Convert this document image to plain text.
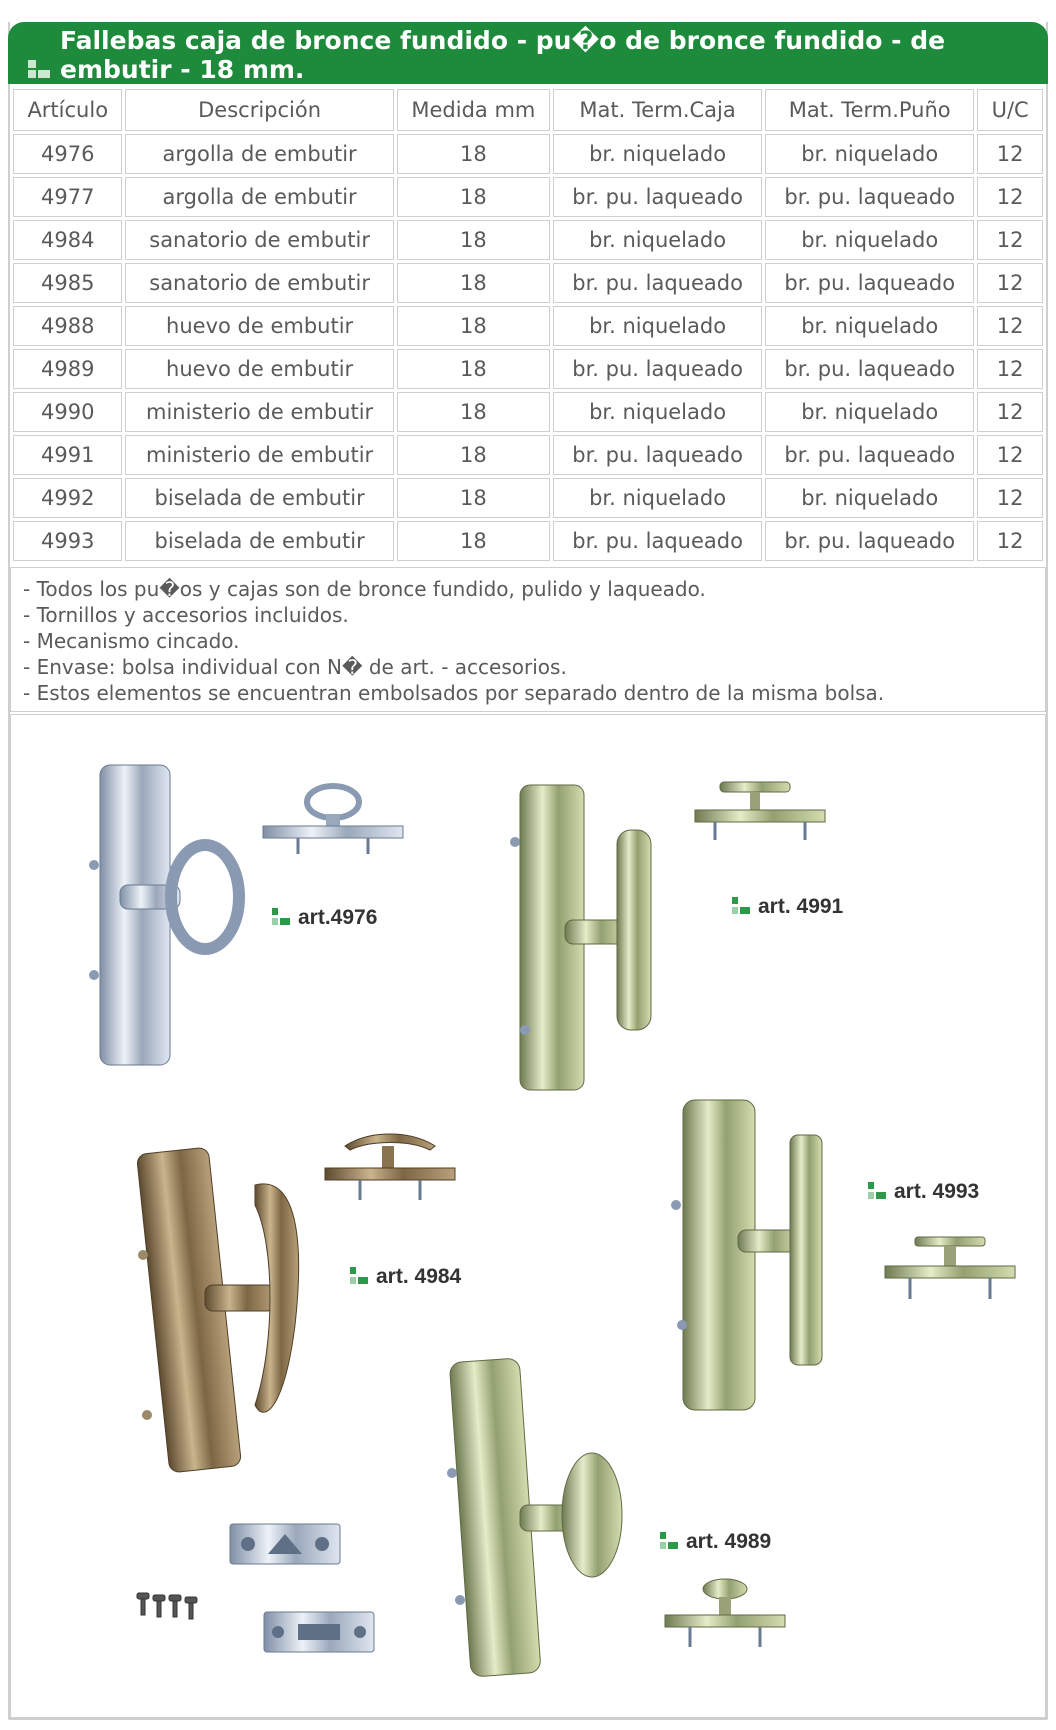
Fallebas caja de bronce fundido - pu�o de bronce fundido - de embutir - 18 mm.
Artículo	Descripción	Medida mm	Mat. Term.Caja	Mat. Term.Puño	U/C
4976	argolla de embutir	18	br. niquelado	br. niquelado	12
4977	argolla de embutir	18	br. pu. laqueado	br. pu. laqueado	12
4984	sanatorio de embutir	18	br. niquelado	br. niquelado	12
4985	sanatorio de embutir	18	br. pu. laqueado	br. pu. laqueado	12
4988	huevo de embutir	18	br. niquelado	br. niquelado	12
4989	huevo de embutir	18	br. pu. laqueado	br. pu. laqueado	12
4990	ministerio de embutir	18	br. niquelado	br. niquelado	12
4991	ministerio de embutir	18	br. pu. laqueado	br. pu. laqueado	12
4992	biselada de embutir	18	br. niquelado	br. niquelado	12
4993	biselada de embutir	18	br. pu. laqueado	br. pu. laqueado	12
- Todos los pu�os y cajas son de bronce fundido, pulido y laqueado.
- Tornillos y accesorios incluidos.
- Mecanismo cincado.
- Envase: bolsa individual con N� de art. - accesorios.
- Estos elementos se encuentran embolsados por separado dentro de la misma bolsa.
art.4976	art. 4991
art. 4984
art. 4993
art. 4989
